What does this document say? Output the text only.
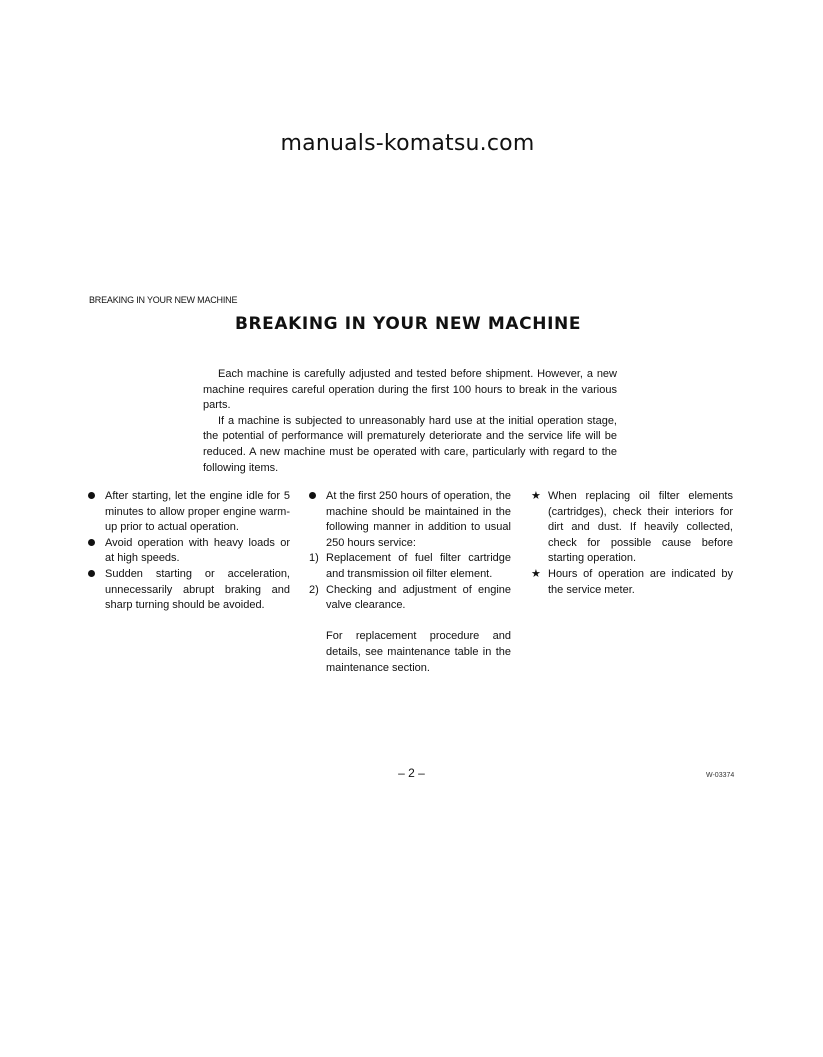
manuals-komatsu.com
BREAKING IN YOUR NEW MACHINE
BREAKING IN YOUR NEW MACHINE

Each machine is carefully adjusted and tested before shipment. However, a new machine requires careful operation during the first 100 hours to break in the various parts.

If a machine is subjected to unreasonably hard use at the initial operation stage, the potential of performance will prematurely deteriorate and the service life will be reduced. A new machine must be operated with care, particularly with regard to the following items.

After starting, let the engine idle for 5 minutes to allow proper engine warm-up prior to actual operation.

Avoid operation with heavy loads or at high speeds.

Sudden starting or acceleration, unnecessarily abrupt braking and sharp turning should be avoided.

At the first 250 hours of operation, the machine should be maintained in the following manner in addition to usual 250 hours service:

1) Replacement of fuel filter cartridge and transmission oil filter element.

2) Checking and adjustment of engine valve clearance.

For replacement procedure and details, see maintenance table in the maintenance section.

★ When replacing oil filter elements (cartridges), check their interiors for dirt and dust. If heavily collected, check for possible cause before starting operation.

★ Hours of operation are indicated by the service meter.

– 2 –	W-03374
